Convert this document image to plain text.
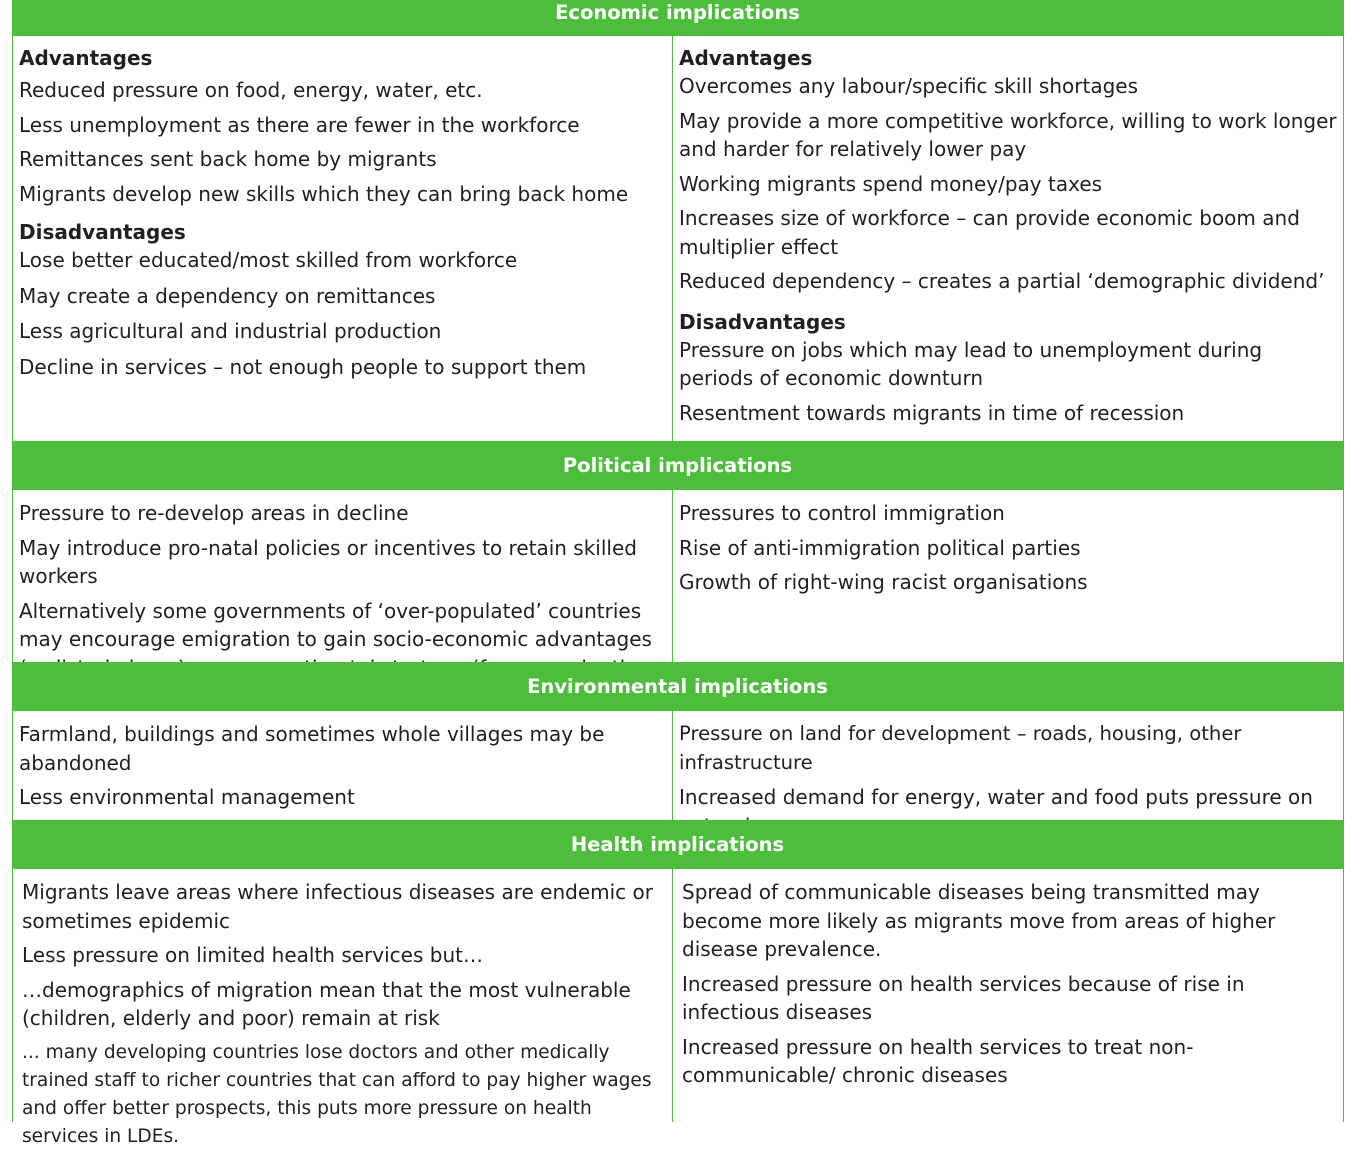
Economic implications
Advantages
Reduced pressure on food, energy, water, etc.
Less unemployment as there are fewer in the workforce
Remittances sent back home by migrants
Migrants develop new skills which they can bring back home
Disadvantages
Lose better educated/most skilled from workforce
May create a dependency on remittances
Less agricultural and industrial production
Decline in services – not enough people to support them
Advantages
Overcomes any labour/specific skill shortages
May provide a more competitive workforce, willing to work longer and harder for relatively lower pay
Working migrants spend money/pay taxes
Increases size of workforce – can provide economic boom and multiplier effect
Reduced dependency – creates a partial ‘demographic dividend’
Disadvantages
Pressure on jobs which may lead to unemployment during periods of economic downturn
Resentment towards migrants in time of recession
Political implications
Pressure to re-develop areas in decline
May introduce pro-natal policies or incentives to retain skilled workers
Alternatively some governments of ‘over-populated’ countries may encourage emigration to gain socio-economic advantages
Pressures to control immigration
Rise of anti-immigration political parties
Growth of right-wing racist organisations
Environmental implications
Farmland, buildings and sometimes whole villages may be abandoned
Less environmental management
Pressure on land for development – roads, housing, other infrastructure
Increased demand for energy, water and food puts pressure on
Health implications
Migrants leave areas where infectious diseases are endemic or sometimes epidemic
Less pressure on limited health services but…
…demographics of migration mean that the most vulnerable (children, elderly and poor) remain at risk
... many developing countries lose doctors and other medically trained staff to richer countries that can afford to pay higher wages and offer better prospects, this puts more pressure on health services in LDEs.
Spread of communicable diseases being transmitted may become more likely as migrants move from areas of higher disease prevalence.
Increased pressure on health services because of rise in infectious diseases
Increased pressure on health services to treat non-communicable/ chronic diseases
